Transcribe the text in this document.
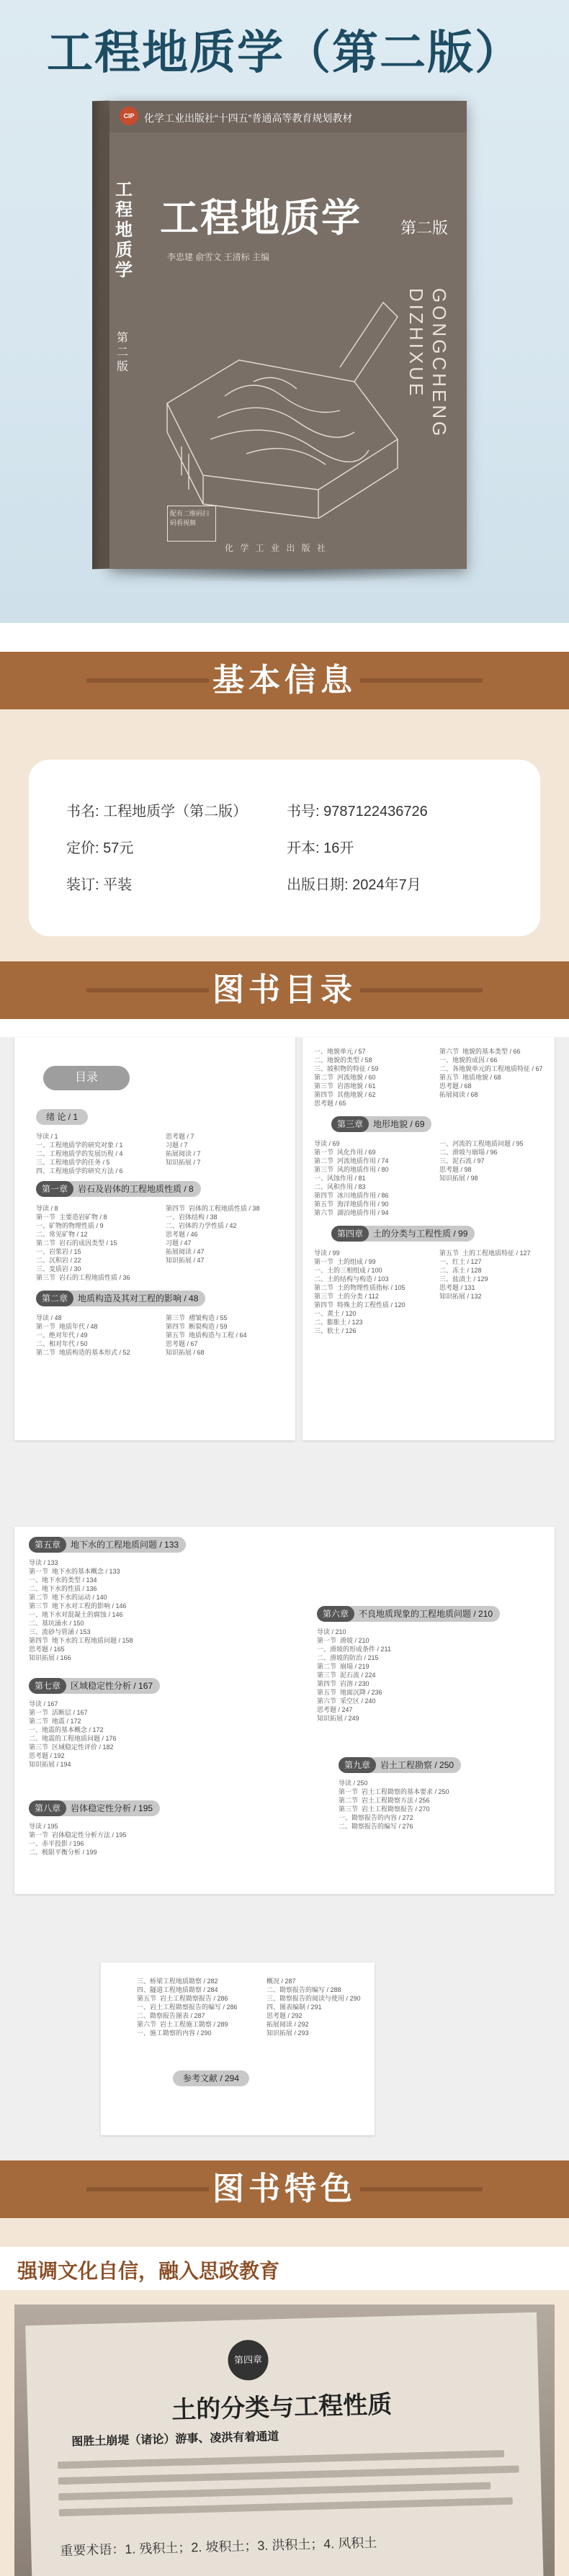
工程地质学（第二版）
CIP 化学工业出版社“十四五”普通高等教育规划教材
工
程
地
质
学
第
二
版
工程地质学 第二版
李忠建 俞雪文 王清标 主编
GONGCHENG
DIZHIXUE
配有二维码扫码看视频
化 学 工 业 出 版 社
基本信息
书名: 工程地质学（第二版）	书号: 9787122436726
定价: 57元	开本: 16开
装订: 平装	出版日期: 2024年7月
图书目录
目录
绪 论 / 1
导读 / 1
一、工程地质学的研究对象 / 1
二、工程地质学的发展历程 / 4
三、工程地质学的任务 / 5
四、工程地质学的研究方法 / 6
思考题 / 7
习题 / 7
拓展阅读 / 7
知识拓展 / 7
第一章 岩石及岩体的工程地质性质 / 8
导读 / 8
第一节  主要造岩矿物 / 8
一、矿物的物理性质 / 9
二、常见矿物 / 12
第二节  岩石的成因类型 / 15
一、岩浆岩 / 15
二、沉积岩 / 22
三、变质岩 / 30
第三节  岩石的工程地质性质 / 36
第四节  岩体的工程地质性质 / 38
一、岩体结构 / 38
二、岩体的力学性质 / 42
思考题 / 46
习题 / 47
拓展阅读 / 47
知识拓展 / 47
第二章 地质构造及其对工程的影响 / 48
导读 / 48
第一节  地质年代 / 48
一、绝对年代 / 49
二、相对年代 / 50
第二节  地质构造的基本形式 / 52
第三节  褶皱构造 / 55
第四节  断裂构造 / 59
第五节  地质构造与工程 / 64
思考题 / 67
知识拓展 / 68
一、地貌单元 / 57
二、地貌的类型 / 58
三、坡积物的特征 / 59
第二节  河流地貌 / 60
第三节  岩溶地貌 / 61
第四节  其他地貌 / 62
思考题 / 65
第六节  地貌的基本类型 / 66
一、地貌的成因 / 66
二、各地貌单元的工程地质特征 / 67
第五节  地质地貌 / 68
思考题 / 68
拓展阅读 / 68
第三章 地形地貌 / 69
导读 / 69
第一节  风化作用 / 69
第二节  河流地质作用 / 74
第三节  风的地质作用 / 80
一、风蚀作用 / 81
二、风积作用 / 83
第四节  冰川地质作用 / 86
第五节  海洋地质作用 / 90
第六节  湖泊地质作用 / 94
一、河流的工程地质问题 / 95
二、滑坡与崩塌 / 96
三、泥石流 / 97
思考题 / 98
知识拓展 / 98
第四章 土的分类与工程性质 / 99
导读 / 99
第一节  土的组成 / 99
一、土的三相组成 / 100
二、土的结构与构造 / 103
第二节  土的物理性质指标 / 105
第三节  土的分类 / 112
第四节  特殊土的工程性质 / 120
一、黄土 / 120
二、膨胀土 / 123
三、软土 / 126
第五节  土的工程地质特征 / 127
一、红土 / 127
二、冻土 / 128
三、盐渍土 / 129
思考题 / 131
知识拓展 / 132
第五章 地下水的工程地质问题 / 133
导读 / 133
第一节  地下水的基本概念 / 133
一、地下水的类型 / 134
二、地下水的性质 / 136
第二节  地下水的运动 / 140
第三节  地下水对工程的影响 / 146
一、地下水对混凝土的腐蚀 / 146
二、基坑涌水 / 150
三、流砂与管涌 / 153
第四节  地下水的工程地质问题 / 158
思考题 / 165
知识拓展 / 166
第七章 区域稳定性分析 / 167
导读 / 167
第一节  活断层 / 167
第二节  地震 / 172
一、地震的基本概念 / 172
二、地震的工程地质问题 / 176
第三节  区域稳定性评价 / 182
思考题 / 192
知识拓展 / 194
第八章 岩体稳定性分析 / 195
导读 / 195
第一节  岩体稳定性分析方法 / 195
一、赤平投影 / 196
二、极限平衡分析 / 199
第六章 不良地质现象的工程地质问题 / 210
导读 / 210
第一节  滑坡 / 210
一、滑坡的形成条件 / 211
二、滑坡的防治 / 215
第二节  崩塌 / 219
第三节  泥石流 / 224
第四节  岩溶 / 230
第五节  地面沉降 / 236
第六节  采空区 / 240
思考题 / 247
知识拓展 / 249
第九章 岩土工程勘察 / 250
导读 / 250
第一节  岩土工程勘察的基本要求 / 250
第二节  岩土工程勘察方法 / 256
第三节  岩土工程勘察报告 / 270
一、勘察报告的内容 / 272
二、勘察报告的编写 / 276
三、桥梁工程地质勘察 / 282
四、隧道工程地质勘察 / 284
第五节  岩土工程勘察报告 / 286
一、岩土工程勘察报告的编写 / 286
二、勘察报告图表 / 287
第六节  岩土工程施工勘察 / 289
一、施工勘察的内容 / 290
概况 / 287
二、勘察报告的编写 / 288
三、勘察报告的阅读与使用 / 290
四、图表编制 / 291
思考题 / 292
拓展阅读 / 292
知识拓展 / 293
参考文献 / 294
图书特色
强调文化自信，融入思政教育
第四章
土的分类与工程性质
图胜土崩堤（诸论）游事、凌洪有着通道
重要术语：1. 残积土；2. 坡积土；3. 洪积土；4. 风积土
